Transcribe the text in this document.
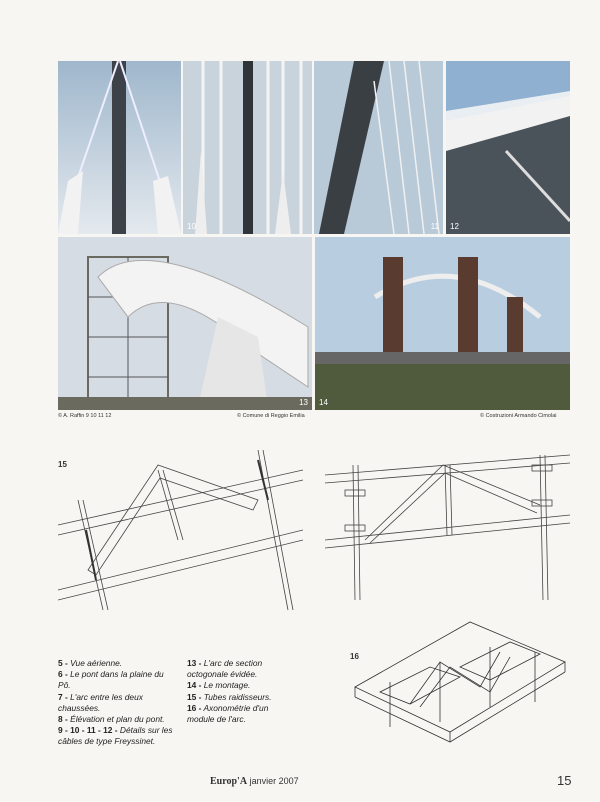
10	11 12
13 14
© A. Raffin 9 10 11 12	© Comune di Reggio Emilia	© Costruzioni Armando Cimolai
15

5 - Vue aérienne.

6 - Le pont dans la plaine du Pô.

7 - L'arc entre les deux chaussées.

8 - Élévation et plan du pont.

9 - 10 - 11 - 12 - Détails sur les câbles de type Freyssinet.

13 - L'arc de section octogonale évidée.

14 - Le montage.

15 - Tubes raidisseurs.

16 - Axonométrie d'un module de l'arc.

16
Europ'A janvier 2007	15
